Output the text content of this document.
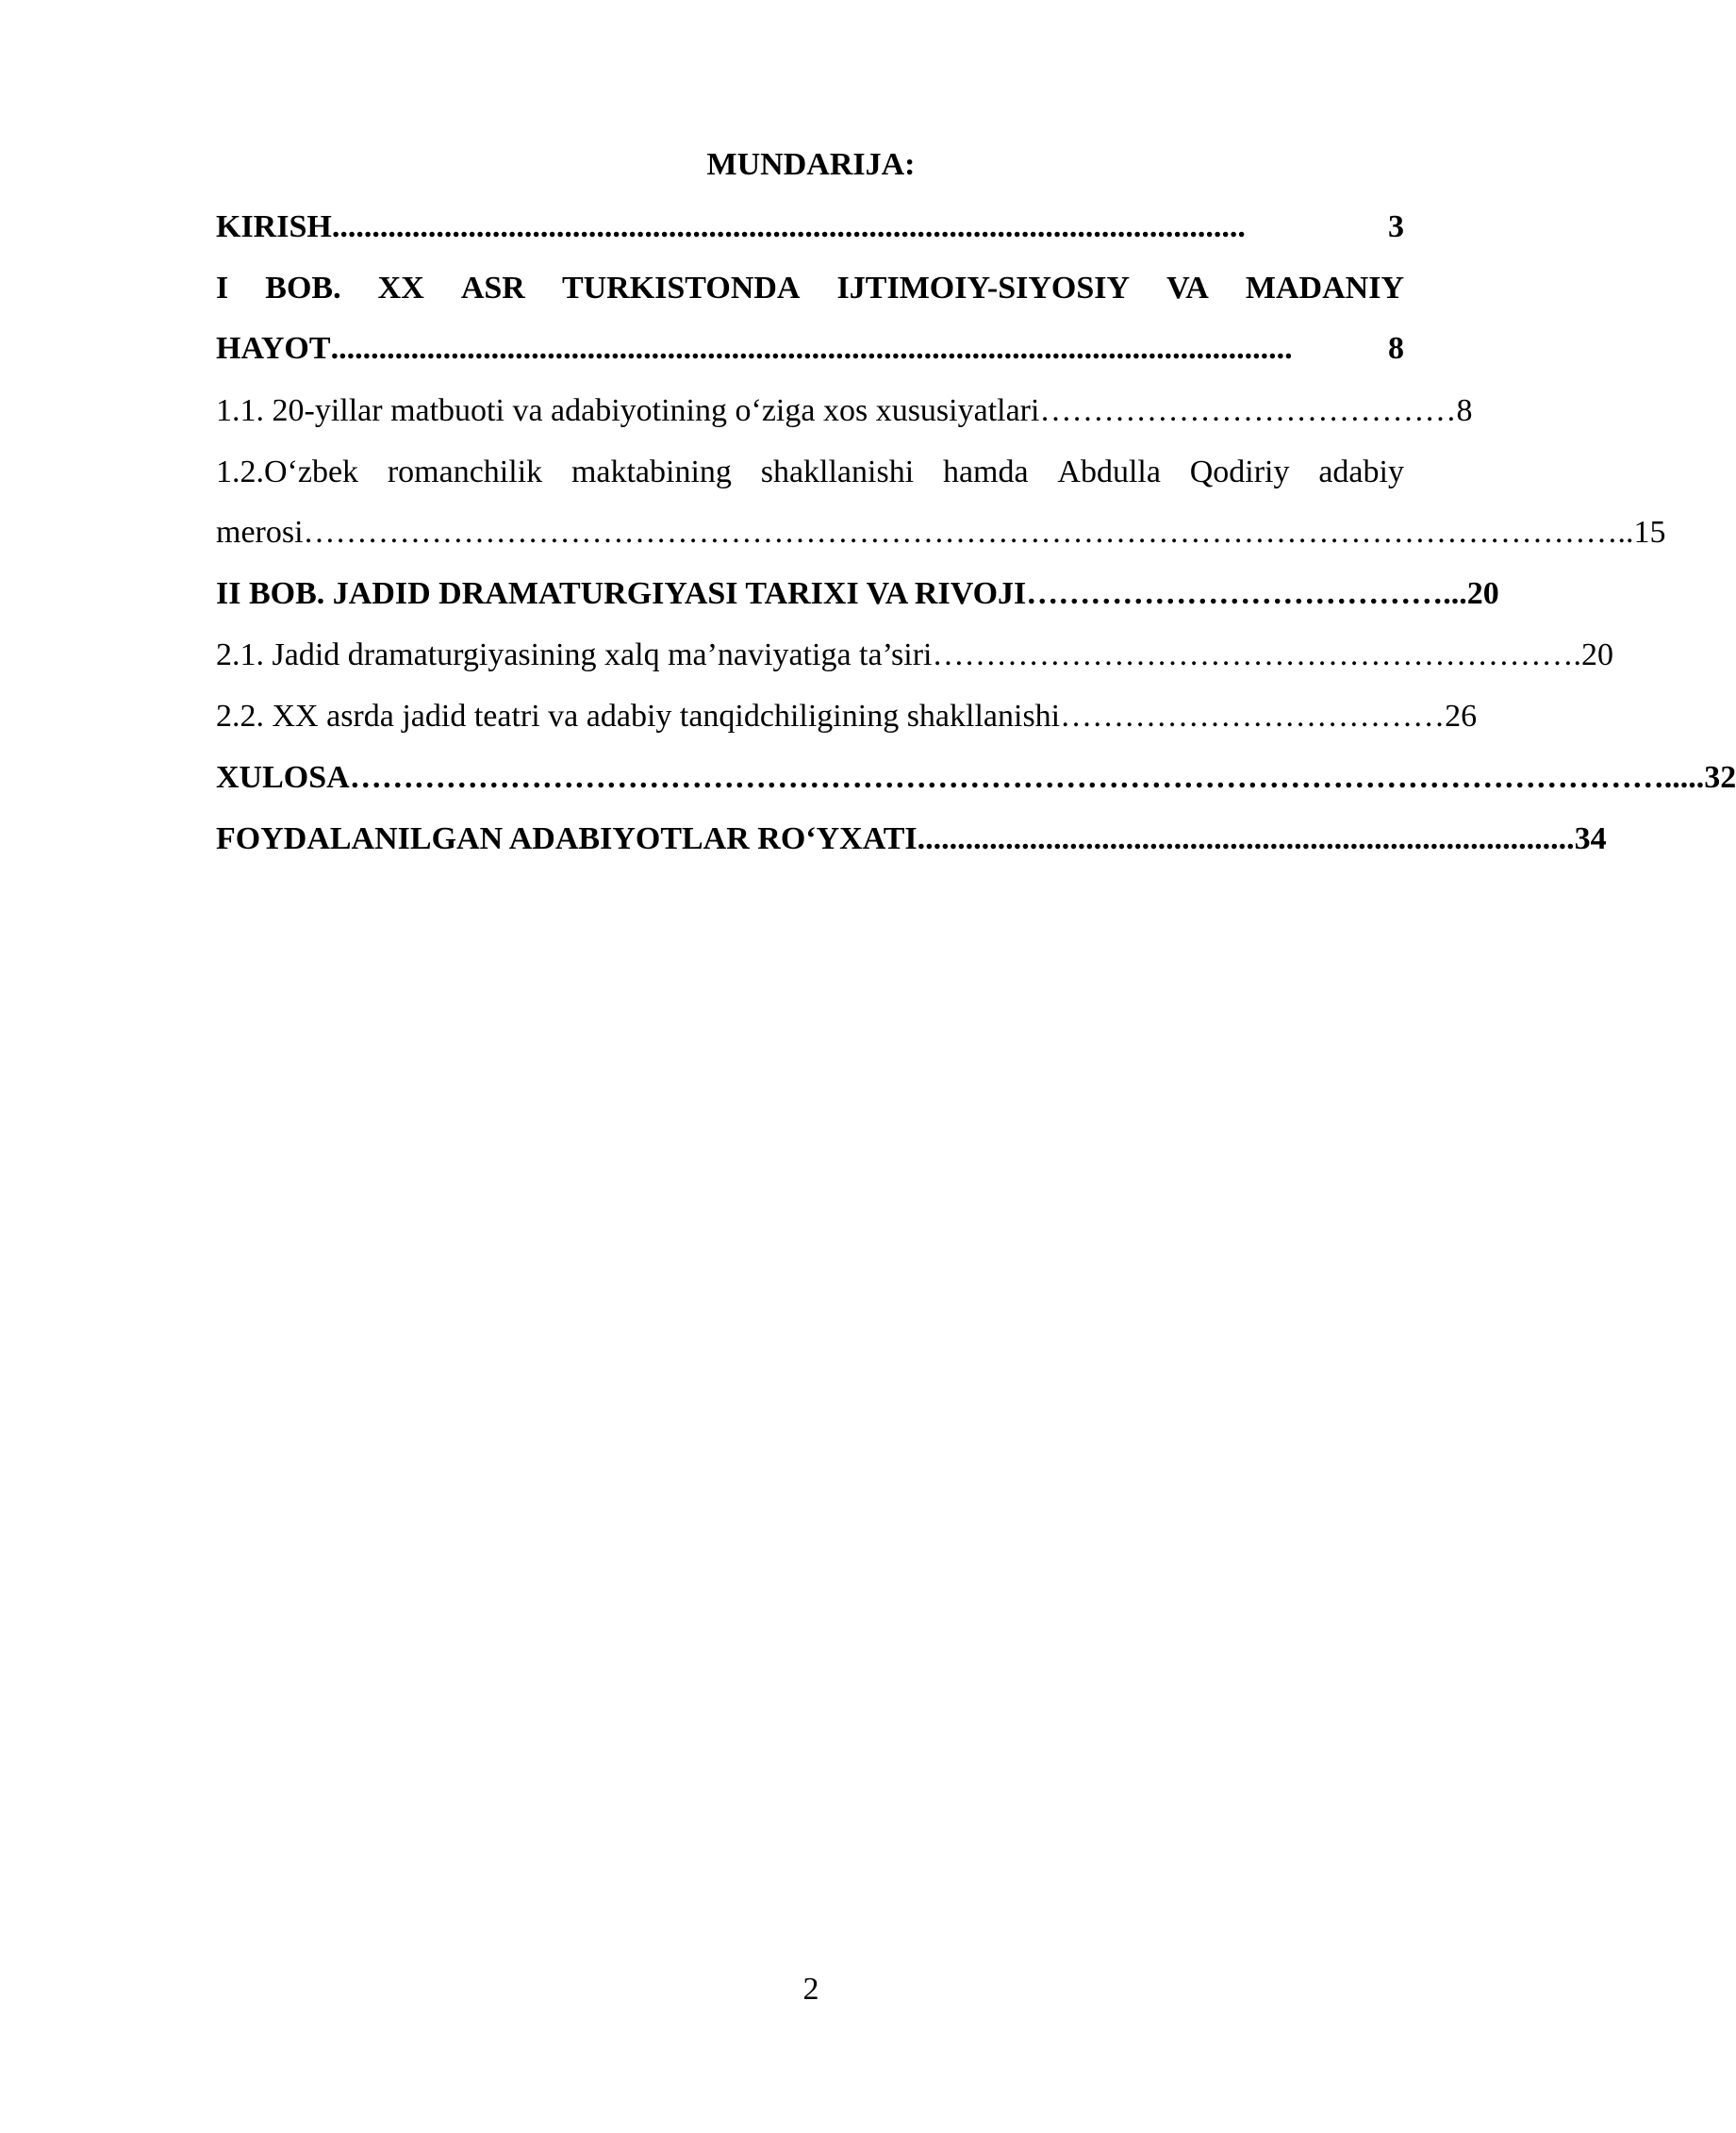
MUNDARIJA:
KIRISH ..................................................................................................................	3
I BOB. XX ASR TURKISTONDA IJTIMOIY-SIYOSIY VA MADANIY
HAYOT ........................................................................................................................	8
1.1. 20-yillar matbuoti va adabiyotining o‘ziga xos xususiyatlari ………………………………… 8
1.2.O‘zbek romanchilik maktabining shakllanishi hamda Abdulla Qodiriy adabiy
merosi …………………………………………………………………………………………………………… ..15
II BOB. JADID DRAMATURGIYASI TARIXI VA RIVOJI ………………………………… ...20
2.1. Jadid dramaturgiyasining xalq ma’naviyatiga ta’siri …………………………………………………… .20
2.2. XX asrda jadid teatri va adabiy tanqidchiligining shakllanishi ……………………………… 26
XULOSA …………………………………………………………………………………………………………… .....32
FOYDALANILGAN ADABIYOTLAR RO‘YXATI .................................................................................. 34
2
